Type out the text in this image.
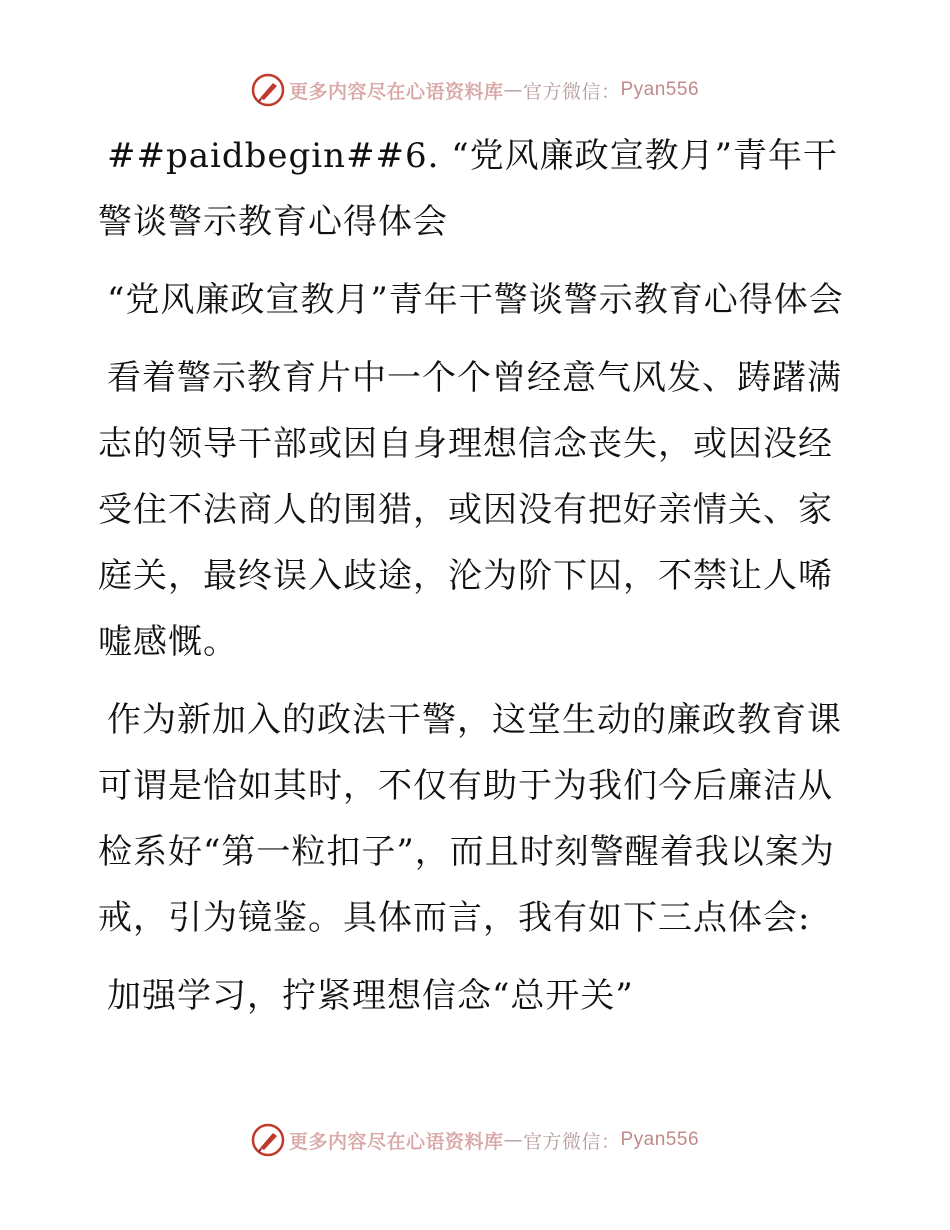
更多内容尽在心语资料库 — 官方微信： Pyan556

##paidbegin##6. “党风廉政宣教月”青年干警谈警示教育心得体会

“党风廉政宣教月”青年干警谈警示教育心得体会

看着警示教育片中一个个曾经意气风发、踌躇满志的领导干部或因自身理想信念丧失，或因没经受住不法商人的围猎，或因没有把好亲情关、家庭关，最终误入歧途，沦为阶下囚，不禁让人唏嘘感慨。

作为新加入的政法干警，这堂生动的廉政教育课可谓是恰如其时，不仅有助于为我们今后廉洁从检系好“第一粒扣子”，而且时刻警醒着我以案为戒，引为镜鉴。具体而言，我有如下三点体会:

加强学习，拧紧理想信念“总开关”

更多内容尽在心语资料库 — 官方微信： Pyan556
